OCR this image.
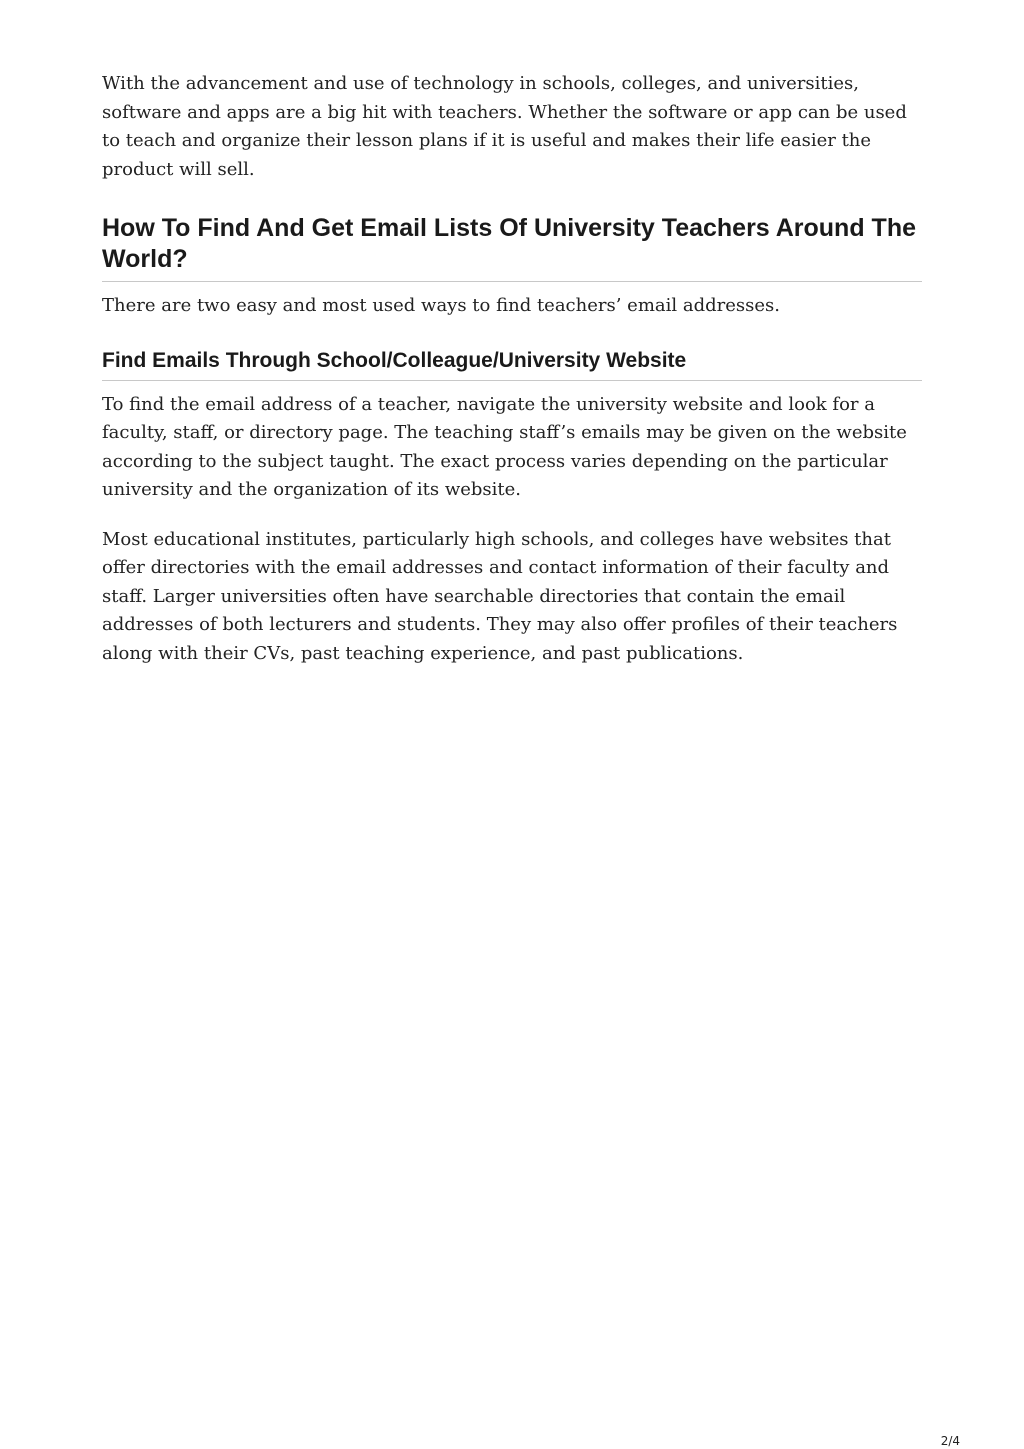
With the advancement and use of technology in schools, colleges, and universities, software and apps are a big hit with teachers. Whether the software or app can be used to teach and organize their lesson plans if it is useful and makes their life easier the product will sell.

How To Find And Get Email Lists Of University Teachers Around The World?

There are two easy and most used ways to find teachers’ email addresses.

Find Emails Through School/Colleague/University Website

To find the email address of a teacher, navigate the university website and look for a faculty, staff, or directory page. The teaching staff’s emails may be given on the website according to the subject taught. The exact process varies depending on the particular university and the organization of its website.

Most educational institutes, particularly high schools, and colleges have websites that offer directories with the email addresses and contact information of their faculty and staff. Larger universities often have searchable directories that contain the email addresses of both lecturers and students. They may also offer profiles of their teachers along with their CVs, past teaching experience, and past publications.

2/4
